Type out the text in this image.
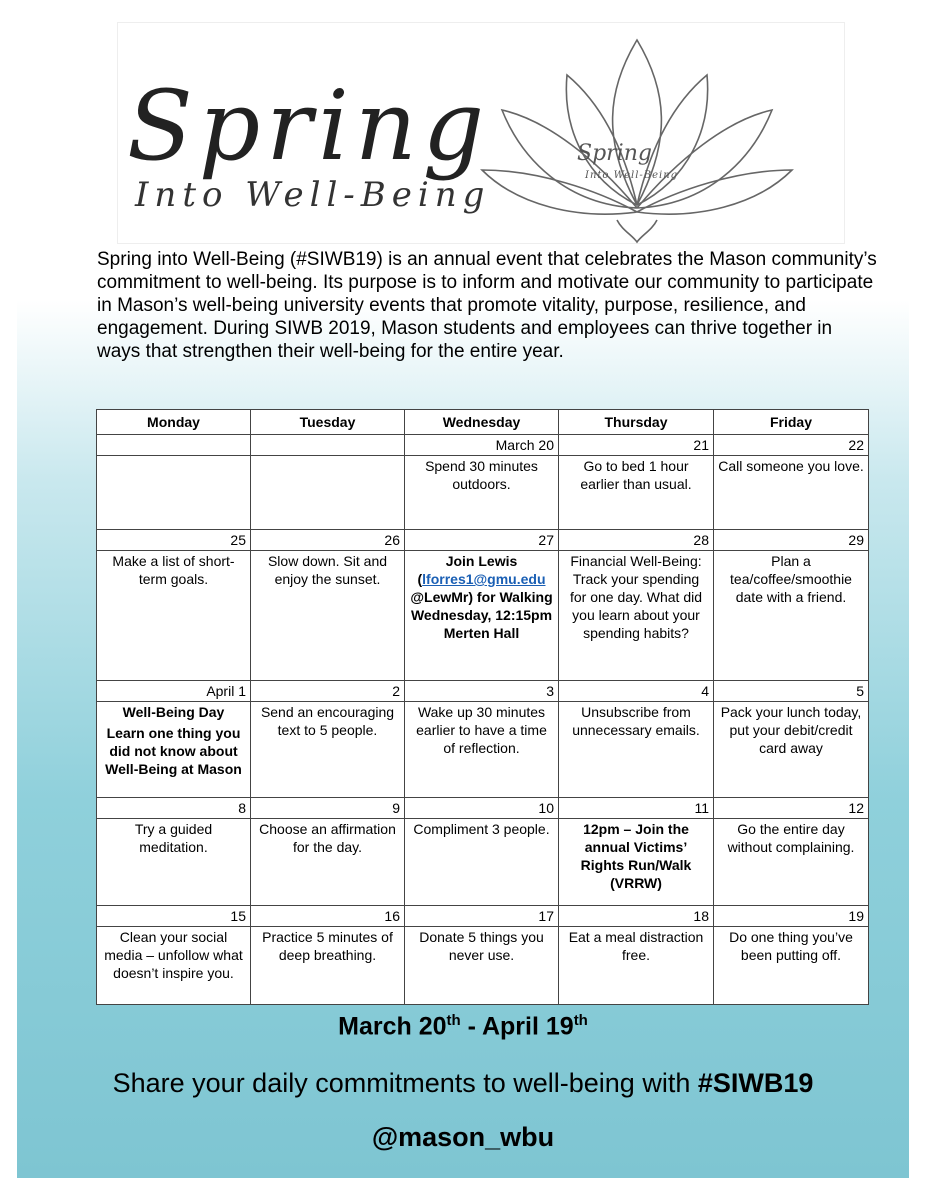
Spring
Into Well-Being
Spring
Into Well-Being
Spring into Well-Being (#SIWB19) is an annual event that celebrates the Mason community’s commitment to well-being. Its purpose is to inform and motivate our community to participate in Mason’s well-being university events that promote vitality, purpose, resilience, and engagement. During SIWB 2019, Mason students and employees can thrive together in ways that strengthen their well-being for the entire year.
Monday	Tuesday	Wednesday	Thursday	Friday
		March 20	21	22
		Spend 30 minutes outdoors.	Go to bed 1 hour earlier than usual.	Call someone you love.
25	26	27	28	29
Make a list of short-term goals.	Slow down. Sit and enjoy the sunset.	Join Lewis (lforres1@gmu.edu @LewMr) for Walking Wednesday, 12:15pm Merten Hall	Financial Well-Being: Track your spending for one day. What did you learn about your spending habits?	Plan a tea/coffee/smoothie date with a friend.
April 1	2	3	4	5

Well-Being Day
Learn one thing you did not know about Well-Being at Mason	Send an encouraging text to 5 people.	Wake up 30 minutes earlier to have a time of reflection.	Unsubscribe from unnecessary emails.	Pack your lunch today, put your debit/credit card away
8	9	10	11	12
Try a guided meditation.	Choose an affirmation for the day.	Compliment 3 people.	12pm – Join the annual Victims’ Rights Run/Walk (VRRW)	Go the entire day without complaining.
15	16	17	18	19
Clean your social media – unfollow what doesn’t inspire you.	Practice 5 minutes of deep breathing.	Donate 5 things you never use.	Eat a meal distraction free.	Do one thing you’ve been putting off.
March 20th - April 19th
Share your daily commitments to well-being with #SIWB19
@mason_wbu
